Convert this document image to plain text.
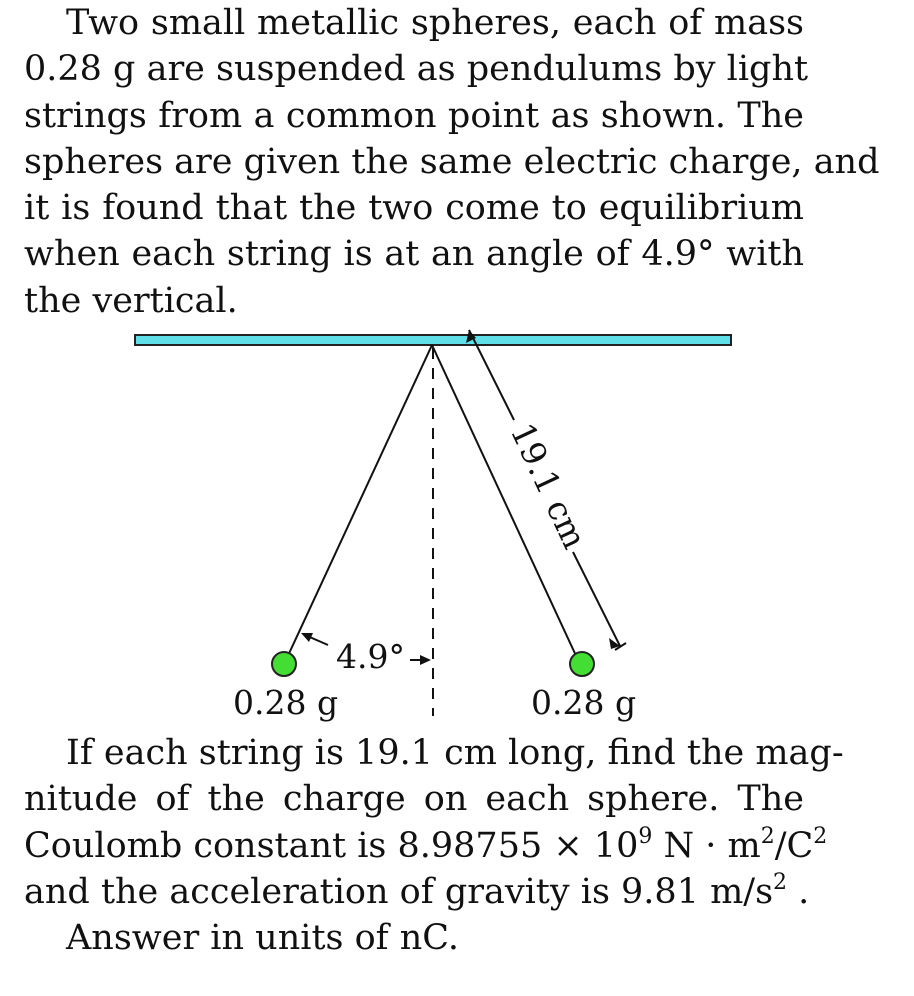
Two small metallic spheres, each of mass
0.28 g are suspended as pendulums by light
strings from a common point as shown. The
spheres are given the same electric charge, and
it is found that the two come to equilibrium
when each string is at an angle of 4.9° with
the vertical.
19.1 cm
4.9°
0.28 g	0.28 g
If each string is 19.1 cm long, find the mag-
nitude of the charge on each sphere. The
Coulomb constant is $8.98755 \times 10^9$ $N \cdot m^2/C^2$
and the acceleration of gravity is 9.81 $m/s^2$ .
Answer in units of nC.
